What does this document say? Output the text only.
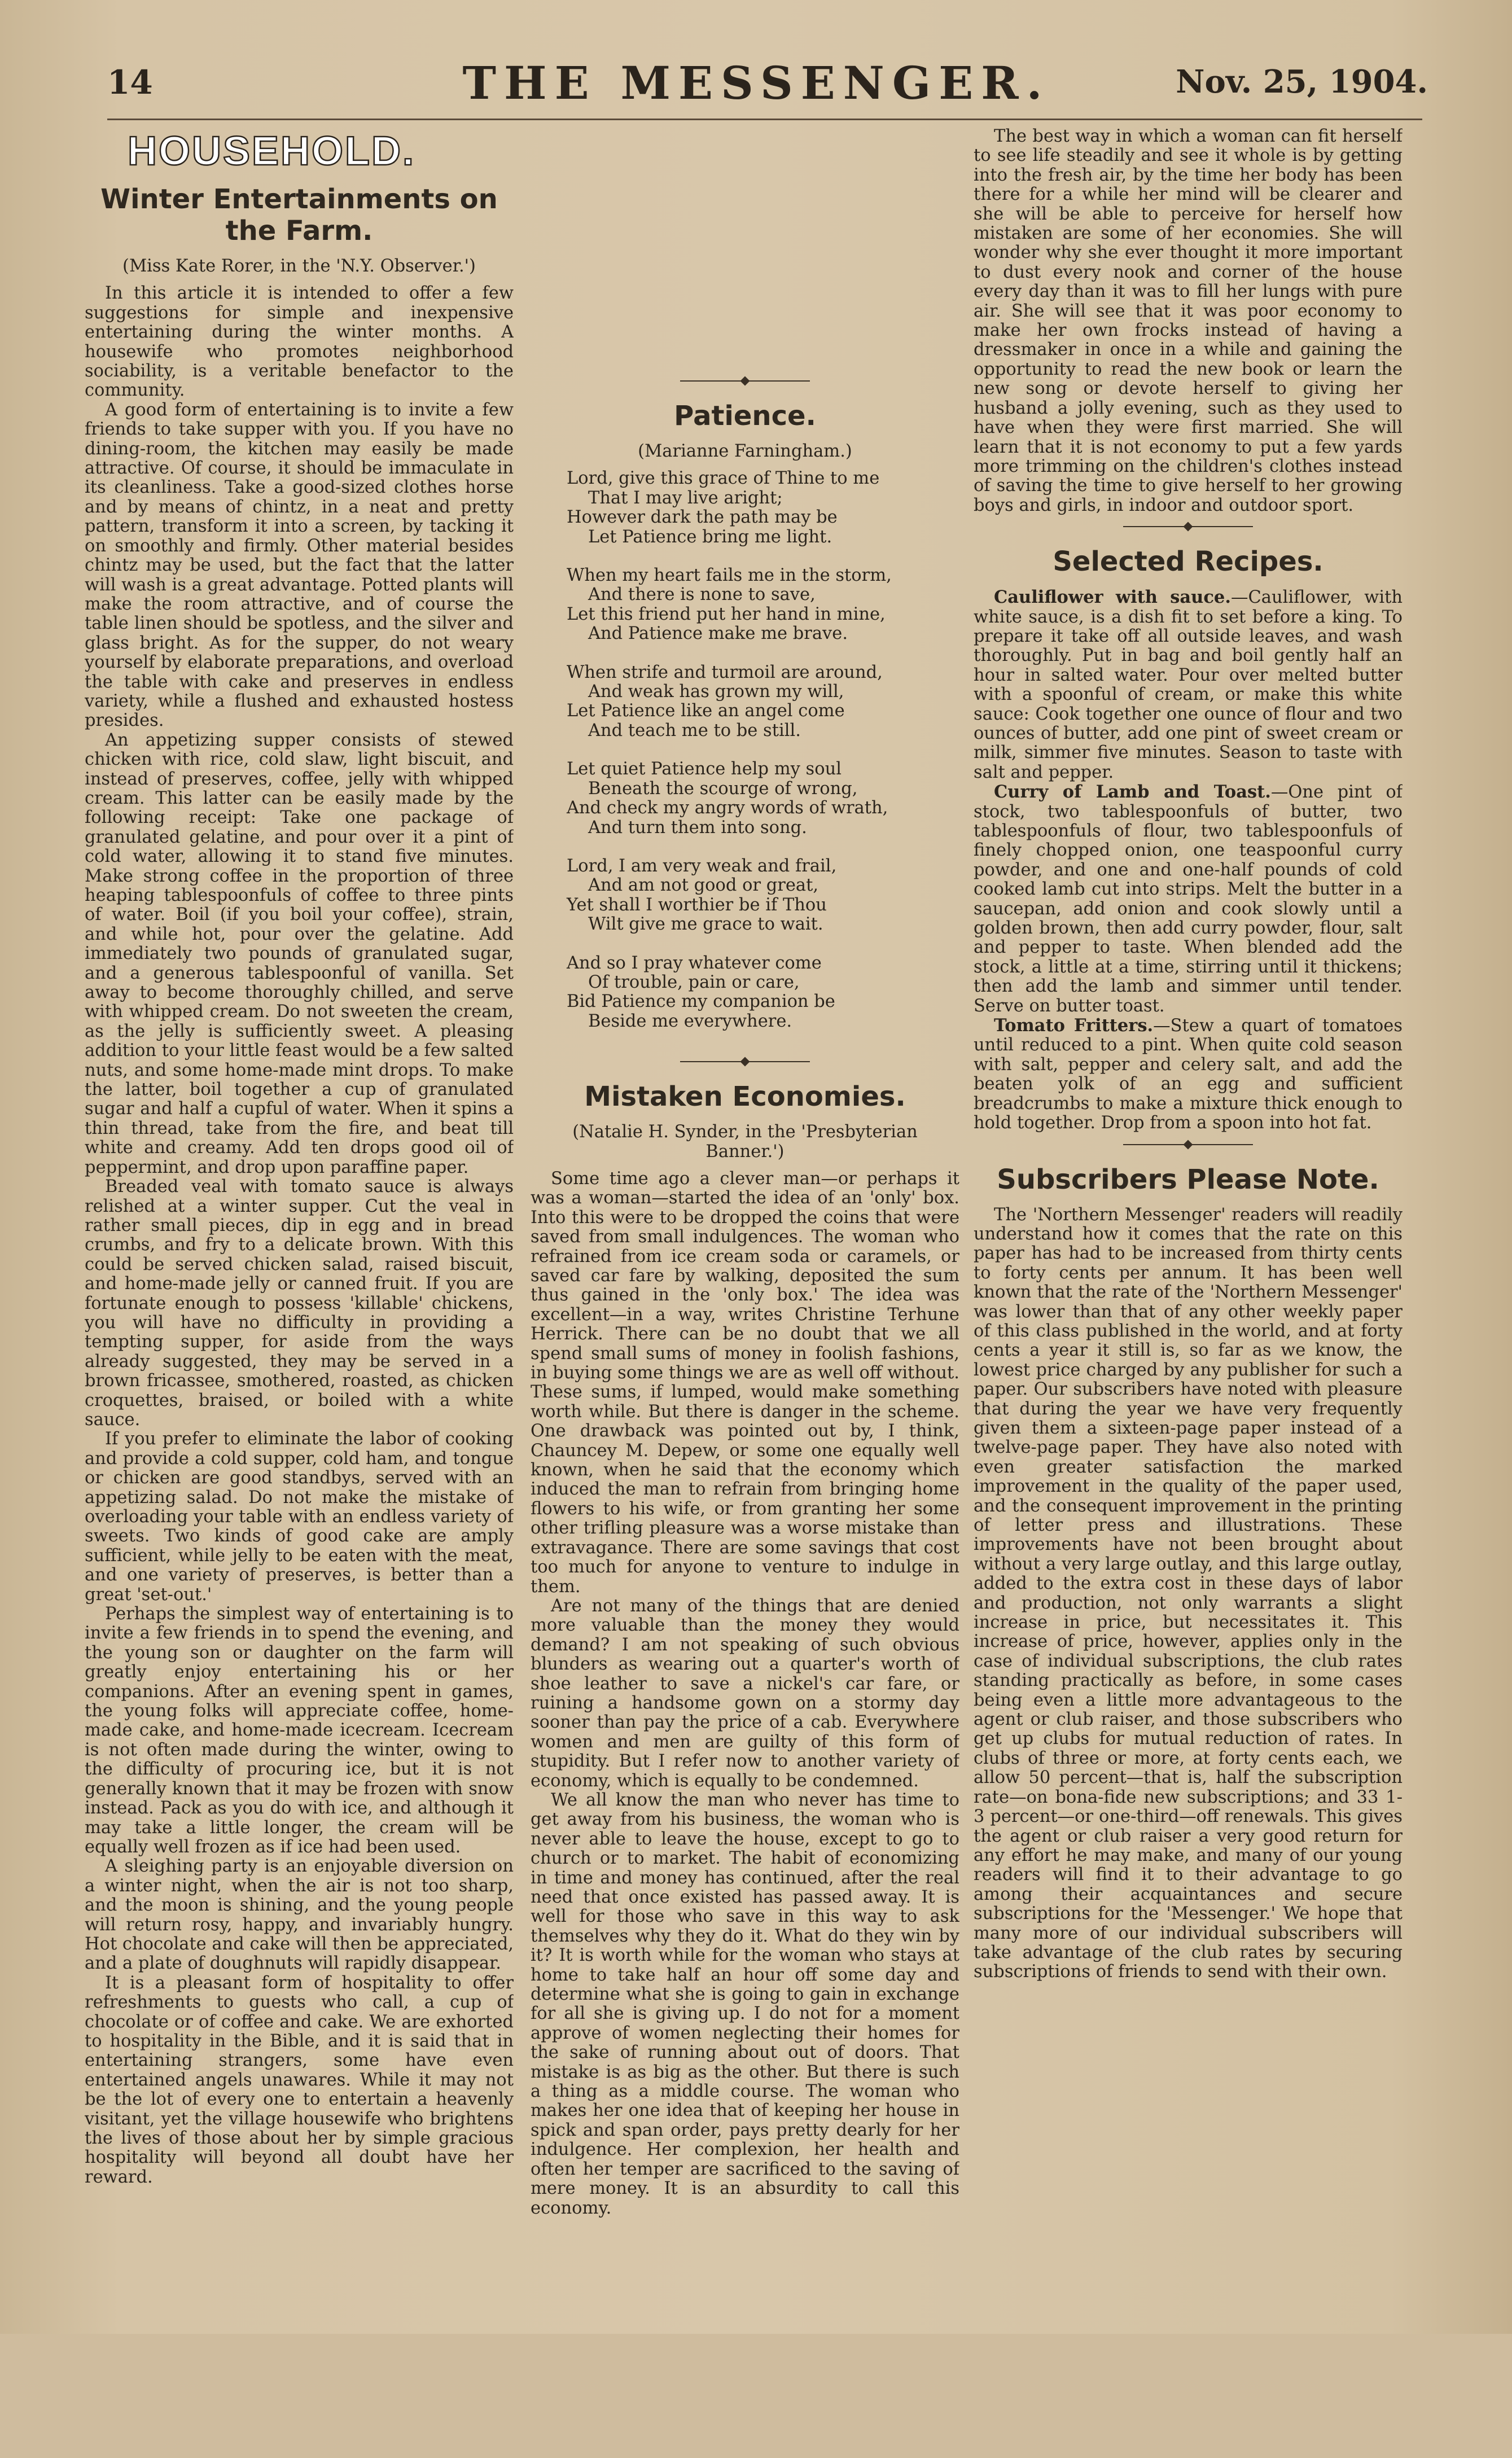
14	THE MESSENGER.	Nov. 25, 1904.
HOUSEHOLD.
Winter Entertainments on the Farm.

(Miss Kate Rorer, in the 'N.Y. Observer.')

In this article it is intended to offer a few suggestions for simple and inexpensive entertaining during the winter months. A housewife who promotes neighborhood sociability, is a veritable benefactor to the community.

A good form of entertaining is to invite a few friends to take supper with you. If you have no dining-room, the kitchen may easily be made attractive. Of course, it should be immaculate in its cleanliness. Take a good-sized clothes horse and by means of chintz, in a neat and pretty pattern, transform it into a screen, by tacking it on smoothly and firmly. Other material besides chintz may be used, but the fact that the latter will wash is a great advantage. Potted plants will make the room attractive, and of course the table linen should be spotless, and the silver and glass bright. As for the supper, do not weary yourself by elaborate preparations, and overload the table with cake and preserves in endless variety, while a flushed and exhausted hostess presides.

An appetizing supper consists of stewed chicken with rice, cold slaw, light biscuit, and instead of preserves, coffee, jelly with whipped cream. This latter can be easily made by the following receipt: Take one package of granulated gelatine, and pour over it a pint of cold water, allowing it to stand five minutes. Make strong coffee in the proportion of three heaping tablespoonfuls of coffee to three pints of water. Boil (if you boil your coffee), strain, and while hot, pour over the gelatine. Add immediately two pounds of granulated sugar, and a generous tablespoonful of vanilla. Set away to become thoroughly chilled, and serve with whipped cream. Do not sweeten the cream, as the jelly is sufficiently sweet. A pleasing addition to your little feast would be a few salted nuts, and some home-made mint drops. To make the latter, boil together a cup of granulated sugar and half a cupful of water. When it spins a thin thread, take from the fire, and beat till white and creamy. Add ten drops good oil of peppermint, and drop upon paraffine paper.

Breaded veal with tomato sauce is always relished at a winter supper. Cut the veal in rather small pieces, dip in egg and in bread crumbs, and fry to a delicate brown. With this could be served chicken salad, raised biscuit, and home-made jelly or canned fruit. If you are fortunate enough to possess 'killable' chickens, you will have no difficulty in providing a tempting supper, for aside from the ways already suggested, they may be served in a brown fricassee, smothered, roasted, as chicken croquettes, braised, or boiled with a white sauce.

If you prefer to eliminate the labor of cooking and provide a cold supper, cold ham, and tongue or chicken are good standbys, served with an appetizing salad. Do not make the mistake of overloading your table with an endless variety of sweets. Two kinds of good cake are amply sufficient, while jelly to be eaten with the meat, and one variety of preserves, is better than a great 'set-out.'

Perhaps the simplest way of entertaining is to invite a few friends in to spend the evening, and the young son or daughter on the farm will greatly enjoy entertaining his or her companions. After an evening spent in games, the young folks will appreciate coffee, home-made cake, and home-made icecream. Icecream is not often made during the winter, owing to the difficulty of procuring ice, but it is not generally known that it may be frozen with snow instead. Pack as you do with ice, and although it may take a little longer, the cream will be equally well frozen as if ice had been used.

A sleighing party is an enjoyable diversion on a winter night, when the air is not too sharp, and the moon is shining, and the young people will return rosy, happy, and invariably hungry. Hot chocolate and cake will then be appreciated, and a plate of doughnuts will rapidly disappear.

It is a pleasant form of hospitality to offer refreshments to guests who call, a cup of chocolate or of coffee and cake. We are exhorted to hospitality in the Bible, and it is said that in entertaining strangers, some have even entertained angels unawares. While it may not be the lot of every one to entertain a heavenly visitant, yet the village housewife who brightens the lives of those about her by simple gracious hospitality will beyond all doubt have her reward.

Patience.

(Marianne Farningham.)

Lord, give this grace of Thine to me

That I may live aright;

However dark the path may be

Let Patience bring me light.

When my heart fails me in the storm,

And there is none to save,

Let this friend put her hand in mine,

And Patience make me brave.

When strife and turmoil are around,

And weak has grown my will,

Let Patience like an angel come

And teach me to be still.

Let quiet Patience help my soul

Beneath the scourge of wrong,

And check my angry words of wrath,

And turn them into song.

Lord, I am very weak and frail,

And am not good or great,

Yet shall I worthier be if Thou

Wilt give me grace to wait.

And so I pray whatever come

Of trouble, pain or care,

Bid Patience my companion be

Beside me everywhere.

Mistaken Economies.

(Natalie H. Synder, in the 'Presbyterian Banner.')

Some time ago a clever man—or perhaps it was a woman—started the idea of an 'only' box. Into this were to be dropped the coins that were saved from small indulgences. The woman who refrained from ice cream soda or caramels, or saved car fare by walking, deposited the sum thus gained in the 'only box.' The idea was excellent—in a way, writes Christine Terhune Herrick. There can be no doubt that we all spend small sums of money in foolish fashions, in buying some things we are as well off without. These sums, if lumped, would make something worth while. But there is danger in the scheme. One drawback was pointed out by, I think, Chauncey M. Depew, or some one equally well known, when he said that the economy which induced the man to refrain from bringing home flowers to his wife, or from granting her some other trifling pleasure was a worse mistake than extravagance. There are some savings that cost too much for anyone to venture to indulge in them.

Are not many of the things that are denied more valuable than the money they would demand? I am not speaking of such obvious blunders as wearing out a quarter's worth of shoe leather to save a nickel's car fare, or ruining a handsome gown on a stormy day sooner than pay the price of a cab. Everywhere women and men are guilty of this form of stupidity. But I refer now to another variety of economy, which is equally to be condemned.

We all know the man who never has time to get away from his business, the woman who is never able to leave the house, except to go to church or to market. The habit of economizing in time and money has continued, after the real need that once existed has passed away. It is well for those who save in this way to ask themselves why they do it. What do they win by it? It is worth while for the woman who stays at home to take half an hour off some day and determine what she is going to gain in exchange for all she is giving up. I do not for a moment approve of women neglecting their homes for the sake of running about out of doors. That mistake is as big as the other. But there is such a thing as a middle course. The woman who makes her one idea that of keeping her house in spick and span order, pays pretty dearly for her indulgence. Her complexion, her health and often her temper are sacrificed to the saving of mere money. It is an absurdity to call this economy.

The best way in which a woman can fit herself to see life steadily and see it whole is by getting into the fresh air, by the time her body has been there for a while her mind will be clearer and she will be able to perceive for herself how mistaken are some of her economies. She will wonder why she ever thought it more important to dust every nook and corner of the house every day than it was to fill her lungs with pure air. She will see that it was poor economy to make her own frocks instead of having a dressmaker in once in a while and gaining the opportunity to read the new book or learn the new song or devote herself to giving her husband a jolly evening, such as they used to have when they were first married. She will learn that it is not economy to put a few yards more trimming on the children's clothes instead of saving the time to give herself to her growing boys and girls, in indoor and outdoor sport.

Selected Recipes.

Cauliflower with sauce.—Cauliflower, with white sauce, is a dish fit to set before a king. To prepare it take off all outside leaves, and wash thoroughly. Put in bag and boil gently half an hour in salted water. Pour over melted butter with a spoonful of cream, or make this white sauce: Cook together one ounce of flour and two ounces of butter, add one pint of sweet cream or milk, simmer five minutes. Season to taste with salt and pepper.

Curry of Lamb and Toast.—One pint of stock, two tablespoonfuls of butter, two tablespoonfuls of flour, two tablespoonfuls of finely chopped onion, one teaspoonful curry powder, and one and one-half pounds of cold cooked lamb cut into strips. Melt the butter in a saucepan, add onion and cook slowly until a golden brown, then add curry powder, flour, salt and pepper to taste. When blended add the stock, a little at a time, stirring until it thickens; then add the lamb and simmer until tender. Serve on butter toast.

Tomato Fritters.—Stew a quart of tomatoes until reduced to a pint. When quite cold season with salt, pepper and celery salt, and add the beaten yolk of an egg and sufficient breadcrumbs to make a mixture thick enough to hold together. Drop from a spoon into hot fat.

Subscribers Please Note.

The 'Northern Messenger' readers will readily understand how it comes that the rate on this paper has had to be increased from thirty cents to forty cents per annum. It has been well known that the rate of the 'Northern Messenger' was lower than that of any other weekly paper of this class published in the world, and at forty cents a year it still is, so far as we know, the lowest price charged by any publisher for such a paper. Our subscribers have noted with pleasure that during the year we have very frequently given them a sixteen-page paper instead of a twelve-page paper. They have also noted with even greater satisfaction the marked improvement in the quality of the paper used, and the consequent improvement in the printing of letter press and illustrations. These improvements have not been brought about without a very large outlay, and this large outlay, added to the extra cost in these days of labor and production, not only warrants a slight increase in price, but necessitates it. This increase of price, however, applies only in the case of individual subscriptions, the club rates standing practically as before, in some cases being even a little more advantageous to the agent or club raiser, and those subscribers who get up clubs for mutual reduction of rates. In clubs of three or more, at forty cents each, we allow 50 percent—that is, half the subscription rate—on bona-fide new subscriptions; and 33 1-3 percent—or one-third—off renewals. This gives the agent or club raiser a very good return for any effort he may make, and many of our young readers will find it to their advantage to go among their acquaintances and secure subscriptions for the 'Messenger.' We hope that many more of our individual subscribers will take advantage of the club rates by securing subscriptions of friends to send with their own.
